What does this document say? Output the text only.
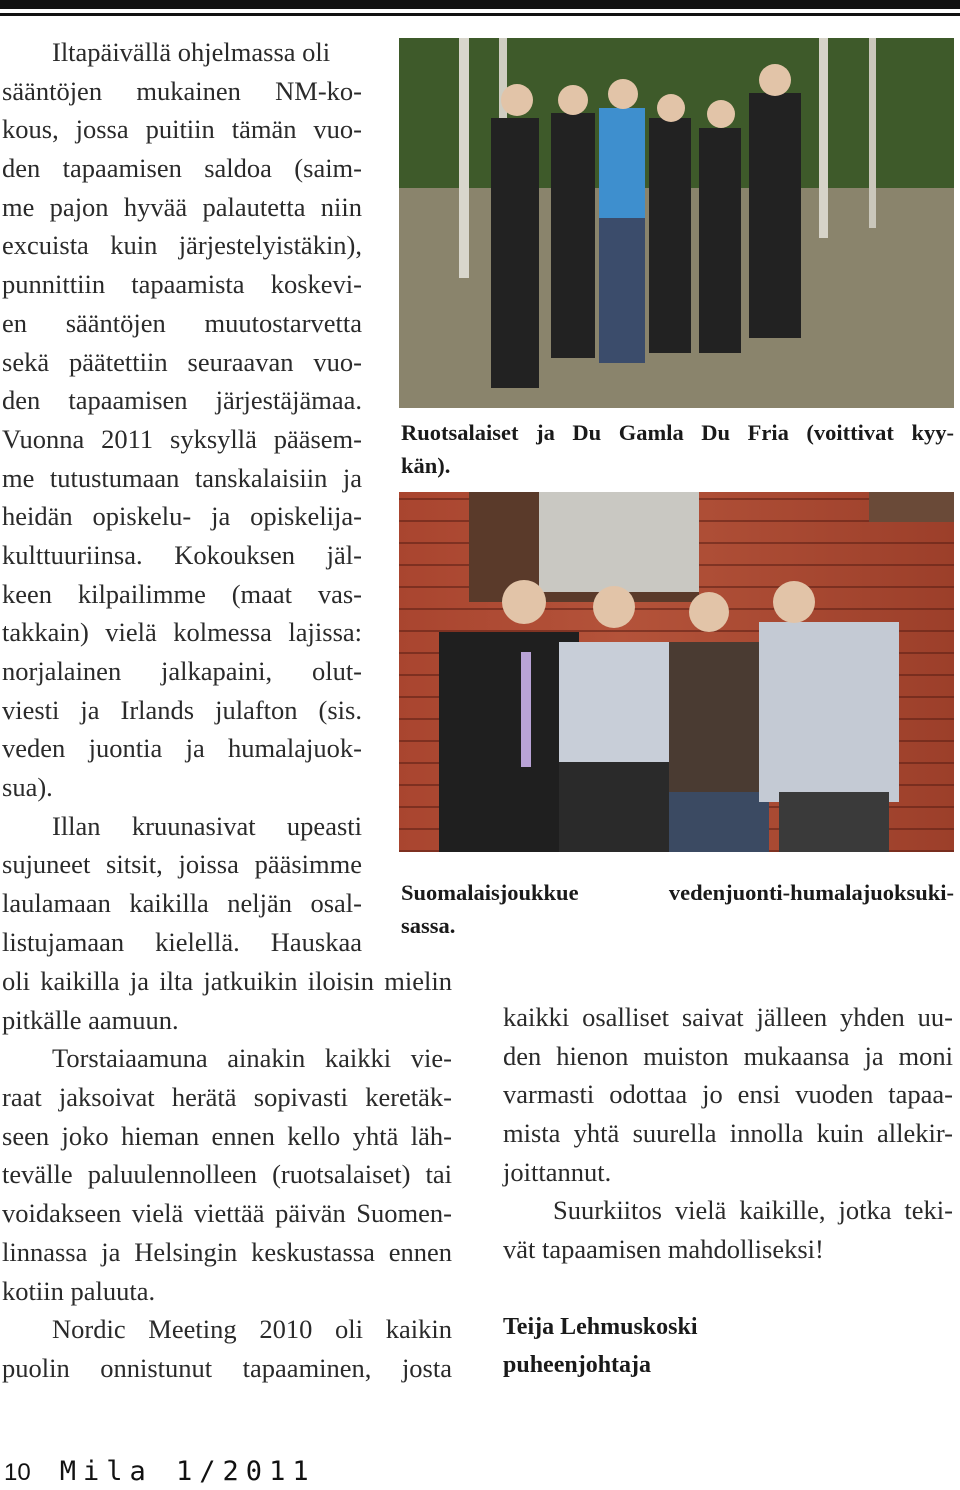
Iltapäivällä ohjelmassa oli
sääntöjen mukainen NM-ko-
kous, jossa puitiin tämän vuo-
den tapaamisen saldoa (saim-
me pajon hyvää palautetta niin
excuista kuin järjestelyistäkin),
punnittiin tapaamista koskevi-
en sääntöjen muutostarvetta
sekä päätettiin seuraavan vuo-
den tapaamisen järjestäjämaa.
Vuonna 2011 syksyllä pääsem-
me tutustumaan tanskalaisiin ja
heidän opiskelu- ja opiskelija-
kulttuuriinsa. Kokouksen jäl-
keen kilpailimme (maat vas-
takkain) vielä kolmessa lajissa:
norjalainen jalkapaini, olut-
viesti ja Irlands julafton (sis.
veden juontia ja humalajuok-
sua).
Illan kruunasivat upeasti
sujuneet sitsit, joissa pääsimme
laulamaan kaikilla neljän osal-
listujamaan kielellä. Hauskaa
oli kaikilla ja ilta jatkuikin iloisin mielin
pitkälle aamuun.
Torstaiaamuna ainakin kaikki vie-
raat jaksoivat herätä sopivasti keretäk-
seen joko hieman ennen kello yhtä läh-
tevälle paluulennolleen (ruotsalaiset) tai
voidakseen vielä viettää päivän Suomen-
linnassa ja Helsingin keskustassa ennen
kotiin paluuta.
Nordic Meeting 2010 oli kaikin
puolin onnistunut tapaaminen, josta
Ruotsalaiset ja Du Gamla Du Fria (voittivat kyy-
kän).
Suomalaisjoukkue vedenjuonti-humalajuoksuki-
sassa.
kaikki osalliset saivat jälleen yhden uu-
den hienon muiston mukaansa ja moni
varmasti odottaa jo ensi vuoden tapaa-
mista yhtä suurella innolla kuin allekir-
joittannut.
Suurkiitos vielä kaikille, jotka teki-
vät tapaamisen mahdolliseksi!
Teija Lehmuskoski
puheenjohtaja
10 Mila 1/2011
